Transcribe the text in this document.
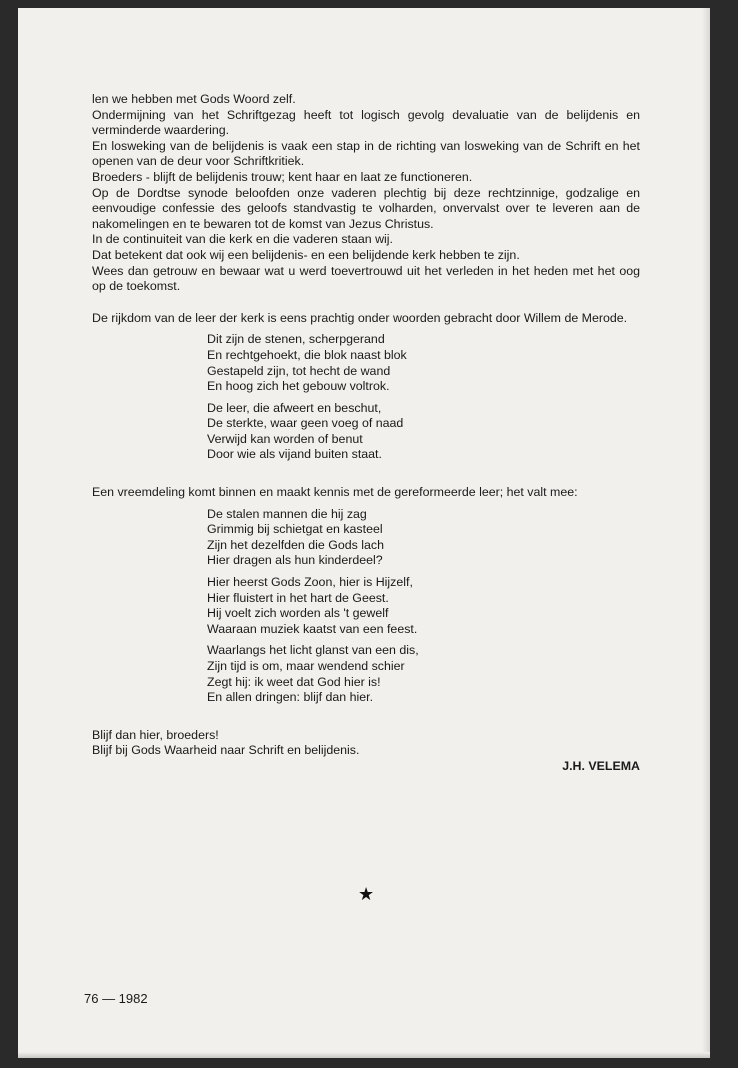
len we hebben met Gods Woord zelf.

Ondermijning van het Schriftgezag heeft tot logisch gevolg devaluatie van de belijdenis en verminderde waardering.

En losweking van de belijdenis is vaak een stap in de richting van losweking van de Schrift en het openen van de deur voor Schriftkritiek.

Broeders - blijft de belijdenis trouw; kent haar en laat ze functioneren.

Op de Dordtse synode beloofden onze vaderen plechtig bij deze rechtzinnige, godzalige en eenvoudige confessie des geloofs standvastig te volharden, onvervalst over te leveren aan de nakomelingen en te bewaren tot de komst van Jezus Christus.

In de continuiteit van die kerk en die vaderen staan wij.

Dat betekent dat ook wij een belijdenis- en een belijdende kerk hebben te zijn.

Wees dan getrouw en bewaar wat u werd toevertrouwd uit het verleden in het heden met het oog op de toekomst.

De rijkdom van de leer der kerk is eens prachtig onder woorden gebracht door Willem de Merode.

Dit zijn de stenen, scherpgerand
En rechtgehoekt, die blok naast blok
Gestapeld zijn, tot hecht de wand
En hoog zich het gebouw voltrok.
De leer, die afweert en beschut,
De sterkte, waar geen voeg of naad
Verwijd kan worden of benut
Door wie als vijand buiten staat.

Een vreemdeling komt binnen en maakt kennis met de gereformeerde leer; het valt mee:

De stalen mannen die hij zag
Grimmig bij schietgat en kasteel
Zijn het dezelfden die Gods lach
Hier dragen als hun kinderdeel?
Hier heerst Gods Zoon, hier is Hijzelf,
Hier fluistert in het hart de Geest.
Hij voelt zich worden als 't gewelf
Waaraan muziek kaatst van een feest.
Waarlangs het licht glanst van een dis,
Zijn tijd is om, maar wendend schier
Zegt hij: ik weet dat God hier is!
En allen dringen: blijf dan hier.

Blijf dan hier, broeders!

Blijf bij Gods Waarheid naar Schrift en belijdenis.

J.H. VELEMA
★
76 — 1982
